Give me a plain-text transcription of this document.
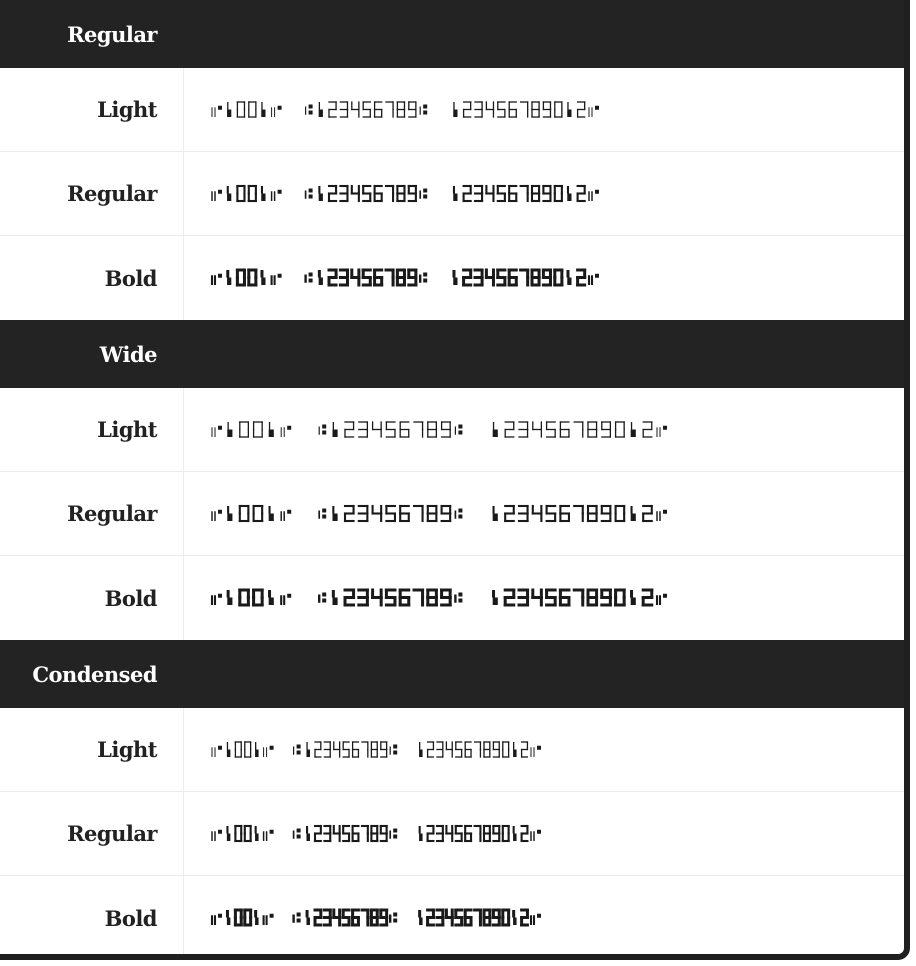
Regular
Light
Regular
Bold
Wide
Light
Regular
Bold
Condensed
Light
Regular
Bold
